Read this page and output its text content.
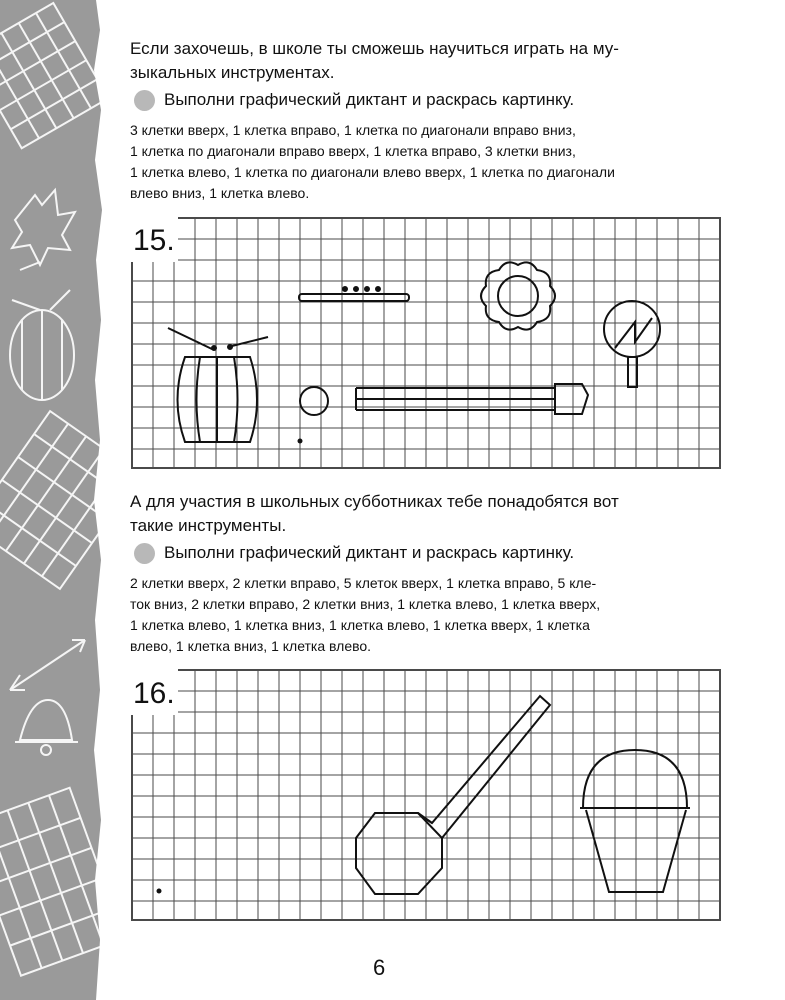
Если захочешь, в школе ты сможешь научиться играть на му-

зыкальных инструментах.

Выполни графический диктант и раскрась картинку.

3 клетки вверх, 1 клетка вправо, 1 клетка по диагонали вправо вниз,

1 клетка по диагонали вправо вверх, 1 клетка вправо, 3 клетки вниз,

1 клетка влево, 1 клетка по диагонали влево вверх, 1 клетка по диагонали

влево вниз, 1 клетка влево.

15.

А для участия в школьных субботниках тебе понадобятся вот

такие инструменты.

Выполни графический диктант и раскрась картинку.

2 клетки вверх, 2 клетки вправо, 5 клеток вверх, 1 клетка вправо, 5 кле-

ток вниз, 2 клетки вправо, 2 клетки вниз, 1 клетка влево, 1 клетка вверх,

1 клетка влево, 1 клетка вниз, 1 клетка влево, 1 клетка вверх, 1 клетка

влево, 1 клетка вниз, 1 клетка влево.

16.
6
